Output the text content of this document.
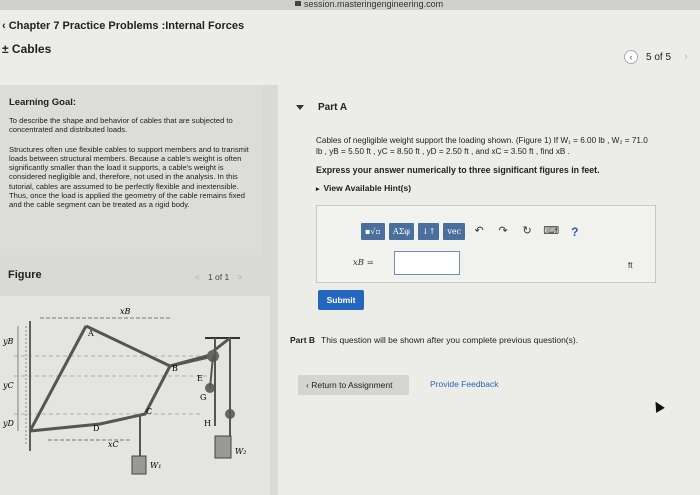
session.masteringengineering.com
‹ Chapter 7 Practice Problems :Internal Forces
± Cables
‹	5 of 5	›
Learning Goal:
To describe the shape and behavior of cables that are subjected to concentrated and distributed loads.
Structures often use flexible cables to support members and to transmit loads between structural members. Because a cable's weight is often significantly smaller than the load it supports, a cable's weight is considered negligible and, therefore, not used in the analysis. In this tutorial, cables are assumed to be perfectly flexible and inextensible. Thus, once the load is applied the geometry of the cable remains fixed and the cable segment can be treated as a rigid body.
Figure	< 1 of 1 >
xB
yB
yC
yD
xC
A
B
C
D
E
G
H
W₁
W₂
Part A
Cables of negligible weight support the loading shown. (Figure 1) If W₁ = 6.00 lb , W₂ = 71.0
lb , yB = 5.50 ft , yC = 8.50 ft , yD = 2.50 ft , and xC = 3.50 ft , find xB .
Express your answer numerically to three significant figures in feet.
▸ View Available Hint(s)
▪√▫	ΑΣφ	↓↑	vec	↶	↷	↻	⌨ ?
xB =	ft
Submit
Part B This question will be shown after you complete previous question(s).
‹ Return to Assignment	Provide Feedback
